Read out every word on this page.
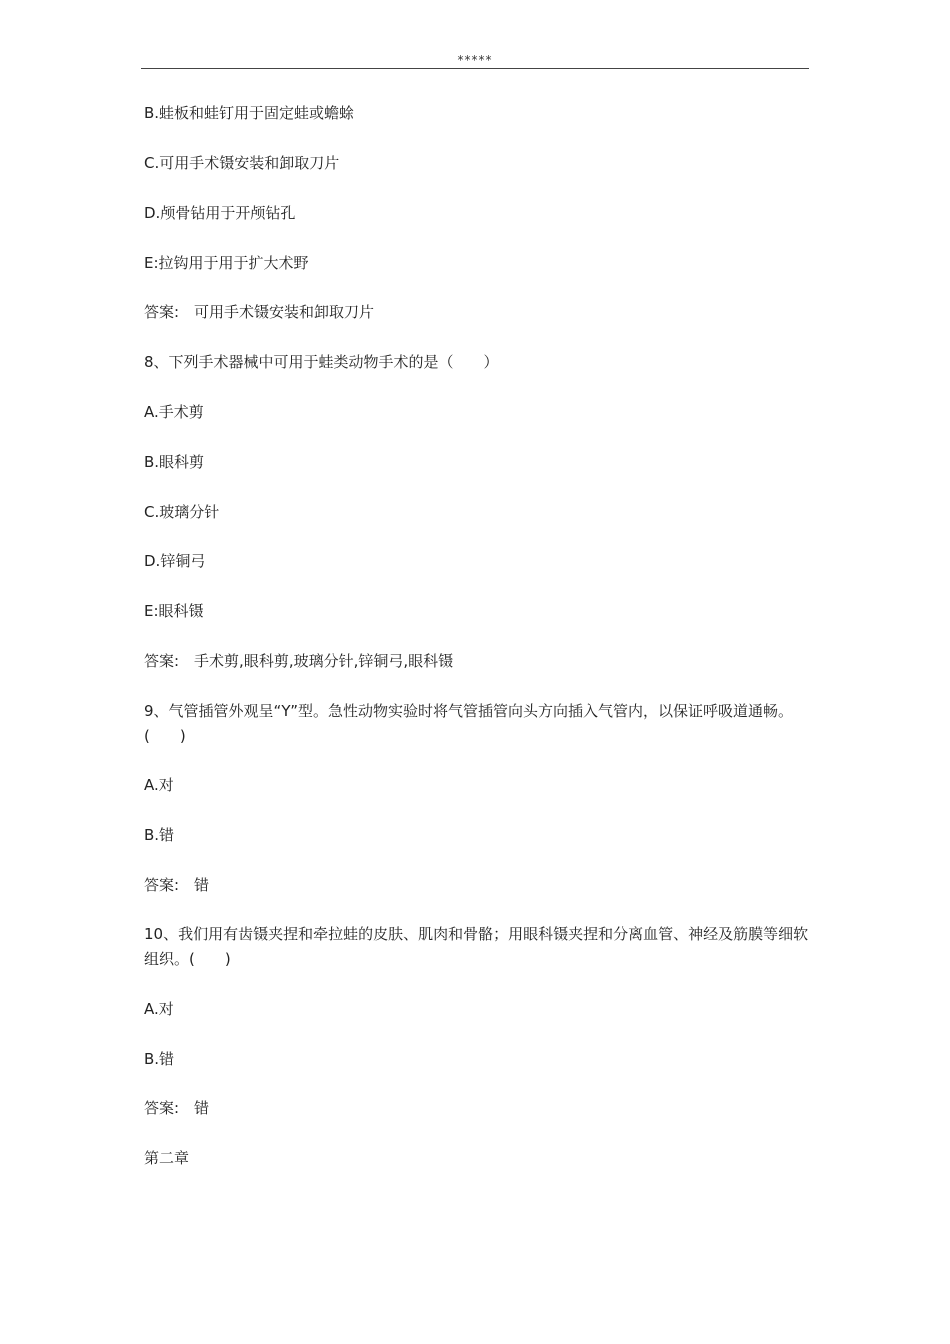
*****
B.蛙板和蛙钉用于固定蛙或蟾蜍
C.可用手术镊安装和卸取刀片
D.颅骨钻用于开颅钻孔
E:拉钩用于用于扩大术野
答案:　可用手术镊安装和卸取刀片
8、下列手术器械中可用于蛙类动物手术的是（　　）
A.手术剪
B.眼科剪
C.玻璃分针
D.锌铜弓
E:眼科镊
答案:　手术剪,眼科剪,玻璃分针,锌铜弓,眼科镊
9、气管插管外观呈“Y”型。急性动物实验时将气管插管向头方向插入气管内，以保证呼吸道通畅。(　　)
A.对
B.错
答案:　错
10、我们用有齿镊夹捏和牵拉蛙的皮肤、肌肉和骨骼；用眼科镊夹捏和分离血管、神经及筋膜等细软组织。(　　)
A.对
B.错
答案:　错
第二章
